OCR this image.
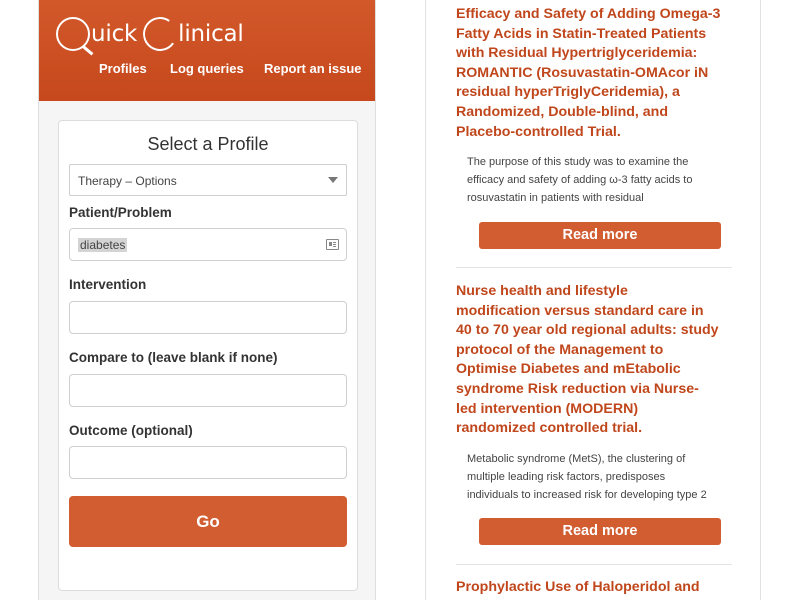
uick linical
Profiles Log queries Report an issue
Select a Profile
Therapy – Options
Patient/Problem
diabetes
Intervention
Compare to (leave blank if none)
Outcome (optional)
Go
Efficacy and Safety of Adding Omega-3
Fatty Acids in Statin-Treated Patients
with Residual Hypertriglyceridemia:
ROMANTIC (Rosuvastatin-OMAcor iN
residual hyperTriglyCeridemia), a
Randomized, Double-blind, and
Placebo-controlled Trial.
The purpose of this study was to examine the
efficacy and safety of adding ω-3 fatty acids to
rosuvastatin in patients with residual
Read more
Nurse health and lifestyle
modification versus standard care in
40 to 70 year old regional adults: study
protocol of the Management to
Optimise Diabetes and mEtabolic
syndrome Risk reduction via Nurse-
led intervention (MODERN)
randomized controlled trial.
Metabolic syndrome (MetS), the clustering of
multiple leading risk factors, predisposes
individuals to increased risk for developing type 2
Read more
Prophylactic Use of Haloperidol and
